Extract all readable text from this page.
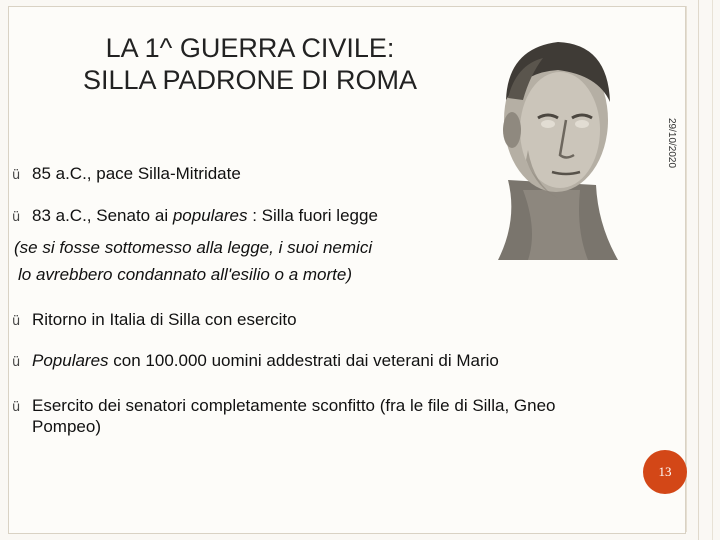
LA 1^ GUERRA CIVILE:
SILLA PADRONE DI ROMA
29/10/2020
ü 85 a.C., pace Silla-Mitridate
ü 83 a.C., Senato ai populares : Silla fuori legge
(se si fosse sottomesso alla legge, i suoi nemici
lo avrebbero condannato all'esilio o a morte)
ü Ritorno in Italia di Silla con esercito
ü Populares con 100.000 uomini addestrati dai veterani di Mario
ü Esercito dei senatori completamente sconfitto (fra le file di Silla, Gneo
Pompeo)
13
